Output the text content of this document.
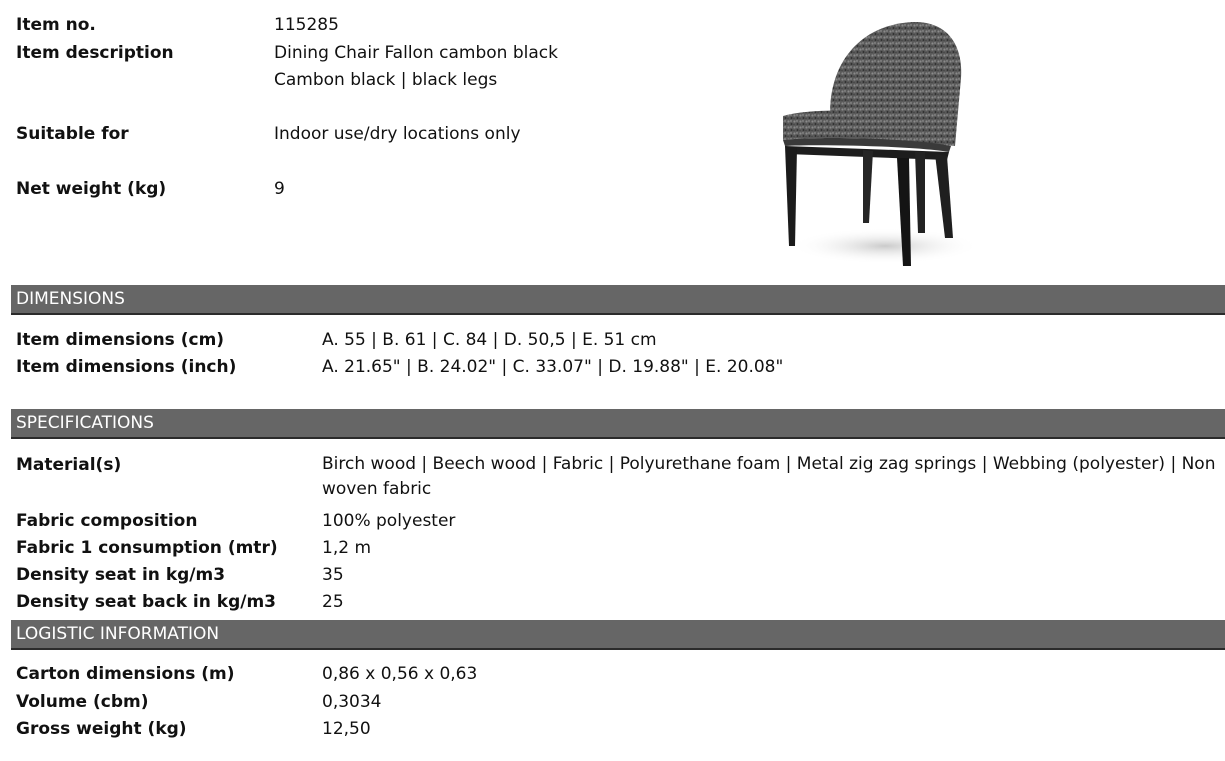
Item no.	115285
Item description	Dining Chair Fallon cambon black
Cambon black | black legs
Suitable for	Indoor use/dry locations only
Net weight (kg)	9
DIMENSIONS
Item dimensions (cm)	A. 55 | B. 61 | C. 84 | D. 50,5 | E. 51 cm
Item dimensions (inch)	A. 21.65" | B. 24.02" | C. 33.07" | D. 19.88" | E. 20.08"
SPECIFICATIONS
Material(s)	Birch wood | Beech wood | Fabric | Polyurethane foam | Metal zig zag springs | Webbing (polyester) | Non woven fabric
Fabric composition	100% polyester
Fabric 1 consumption (mtr)	1,2 m
Density seat in kg/m3	35
Density seat back in kg/m3	25
LOGISTIC INFORMATION
Carton dimensions (m)	0,86 x 0,56 x 0,63
Volume (cbm)	0,3034
Gross weight (kg)	12,50
